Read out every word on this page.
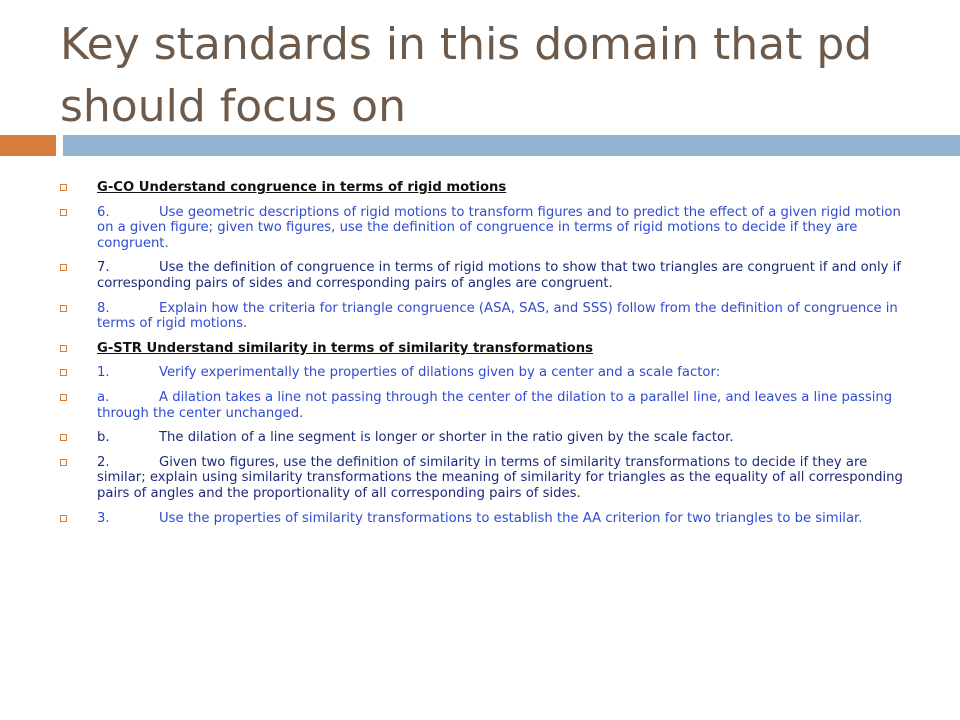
Key standards in this domain that pd should focus on
G-CO Understand congruence in terms of rigid motions
6.	Use geometric descriptions of rigid motions to transform figures and to predict the effect of a given rigid motion on a given figure; given two figures, use the definition of congruence in terms of rigid motions to decide if they are congruent.
7.	Use the definition of congruence in terms of rigid motions to show that two triangles are congruent if and only if corresponding pairs of sides and corresponding pairs of angles are congruent.
8.	Explain how the criteria for triangle congruence (ASA, SAS, and SSS) follow from the definition of congruence in terms of rigid motions.
G-STR Understand similarity in terms of similarity transformations
1.	Verify experimentally the properties of dilations given by a center and a scale factor:
a.	A dilation takes a line not passing through the center of the dilation to a parallel line, and leaves a line passing through the center unchanged.
b.	The dilation of a line segment is longer or shorter in the ratio given by the scale factor.
2.	Given two figures, use the definition of similarity in terms of similarity transformations to decide if they are similar; explain using similarity transformations the meaning of similarity for triangles as the equality of all corresponding pairs of angles and the proportionality of all corresponding pairs of sides.
3.	Use the properties of similarity transformations to establish the AA criterion for two triangles to be similar.
